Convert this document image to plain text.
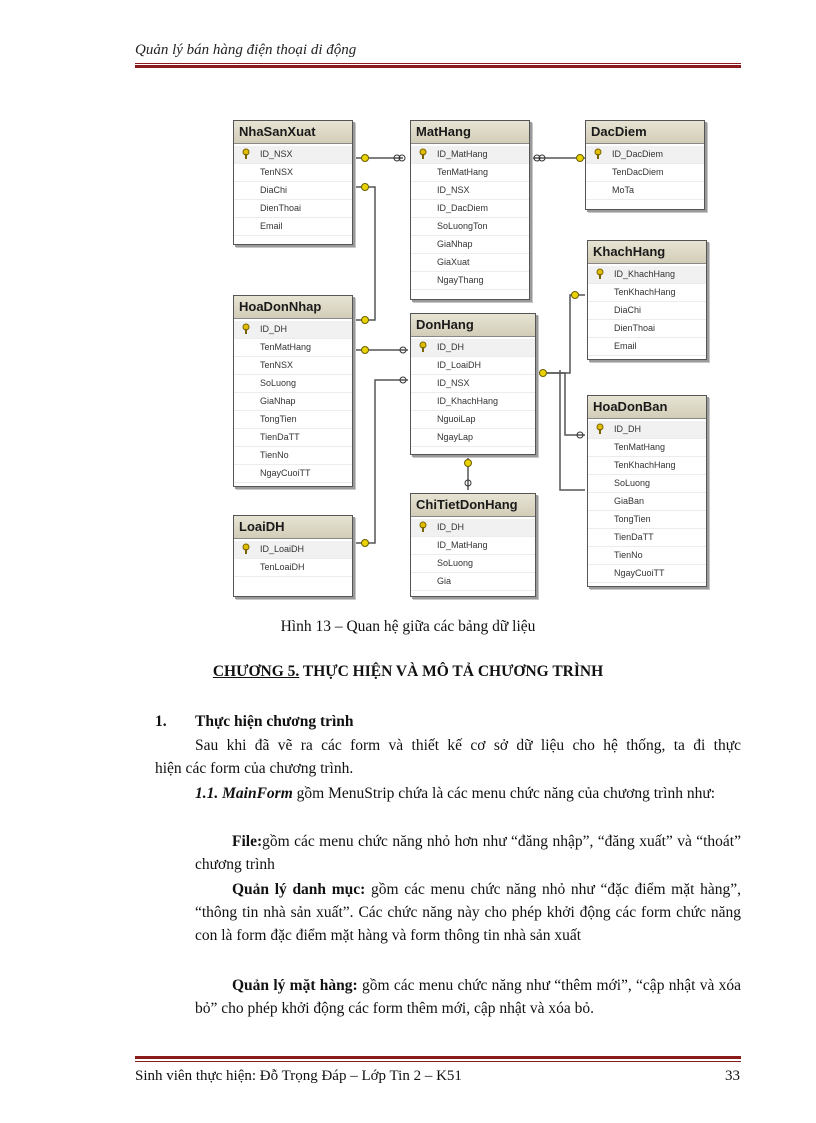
Quản lý bán hàng điện thoại di động
NhaSanXuat
ID_NSX
TenNSX
DiaChi
DienThoai
Email
MatHang
ID_MatHang
TenMatHang
ID_NSX
ID_DacDiem
SoLuongTon
GiaNhap
GiaXuat
NgayThang
DacDiem
ID_DacDiem
TenDacDiem
MoTa
KhachHang
ID_KhachHang
TenKhachHang
DiaChi
DienThoai
Email
HoaDonNhap
ID_DH
TenMatHang
TenNSX
SoLuong
GiaNhap
TongTien
TienDaTT
TienNo
NgayCuoiTT
DonHang
ID_DH
ID_LoaiDH
ID_NSX
ID_KhachHang
NguoiLap
NgayLap
HoaDonBan
ID_DH
TenMatHang
TenKhachHang
SoLuong
GiaBan
TongTien
TienDaTT
TienNo
NgayCuoiTT
ChiTietDonHang
ID_DH
ID_MatHang
SoLuong
Gia
LoaiDH
ID_LoaiDH
TenLoaiDH
Hình 13 – Quan hệ giữa các bảng dữ liệu
CHƯƠNG 5. THỰC HIỆN VÀ MÔ TẢ CHƯƠNG TRÌNH
1. Thực hiện chương trình
Sau khi đã vẽ ra các form và thiết kế cơ sở dữ liệu cho hệ thống, ta đi thực
hiện các form của chương trình.
1.1. MainForm gồm MenuStrip chứa là các menu chức năng của chương trình như:
File:gồm các menu chức năng nhỏ hơn như “đăng nhập”, “đăng xuất” và “thoát” chương trình
Quản lý danh mục: gồm các menu chức năng nhỏ như “đặc điểm mặt hàng”, “thông tin nhà sản xuất”. Các chức năng này cho phép khởi động các form chức năng con là form đặc điểm mặt hàng và form thông tin nhà sản xuất
Quản lý mặt hàng: gồm các menu chức năng như “thêm mới”, “cập nhật và xóa bỏ” cho phép khởi động các form thêm mới, cập nhật và xóa bỏ.
Sinh viên thực hiện: Đỗ Trọng Đáp – Lớp Tin 2 – K51	33
